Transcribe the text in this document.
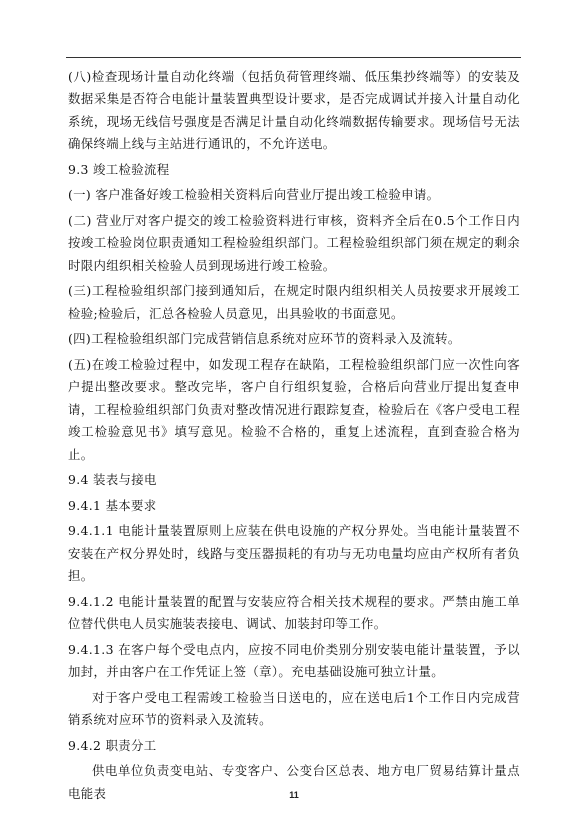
(八)检查现场计量自动化终端（包括负荷管理终端、低压集抄终端等）的安装及数据采集是否符合电能计量装置典型设计要求，是否完成调试并接入计量自动化系统，现场无线信号强度是否满足计量自动化终端数据传输要求。现场信号无法确保终端上线与主站进行通讯的，不允许送电。

9.3 竣工检验流程

(一) 客户准备好竣工检验相关资料后向营业厅提出竣工检验申请。

(二) 营业厅对客户提交的竣工检验资料进行审核，资料齐全后在0.5个工作日内按竣工检验岗位职责通知工程检验组织部门。工程检验组织部门须在规定的剩余时限内组织相关检验人员到现场进行竣工检验。

(三)工程检验组织部门接到通知后，在规定时限内组织相关人员按要求开展竣工检验;检验后，汇总各检验人员意见，出具验收的书面意见。

(四)工程检验组织部门完成营销信息系统对应环节的资料录入及流转。

(五)在竣工检验过程中，如发现工程存在缺陷，工程检验组织部门应一次性向客户提出整改要求。整改完毕，客户自行组织复验，合格后向营业厅提出复查申请，工程检验组织部门负责对整改情况进行跟踪复查，检验后在《客户受电工程竣工检验意见书》填写意见。检验不合格的，重复上述流程，直到查验合格为止。

9.4 装表与接电

9.4.1 基本要求

9.4.1.1 电能计量装置原则上应装在供电设施的产权分界处。当电能计量装置不安装在产权分界处时，线路与变压器损耗的有功与无功电量均应由产权所有者负担。

9.4.1.2 电能计量装置的配置与安装应符合相关技术规程的要求。严禁由施工单位替代供电人员实施装表接电、调试、加装封印等工作。

9.4.1.3 在客户每个受电点内，应按不同电价类别分别安装电能计量装置，予以加封，并由客户在工作凭证上签（章）。充电基础设施可独立计量。

对于客户受电工程需竣工检验当日送电的，应在送电后1个工作日内完成营销系统对应环节的资料录入及流转。

9.4.2 职责分工

供电单位负责变电站、专变客户、公变台区总表、地方电厂贸易结算计量点电能表	11
